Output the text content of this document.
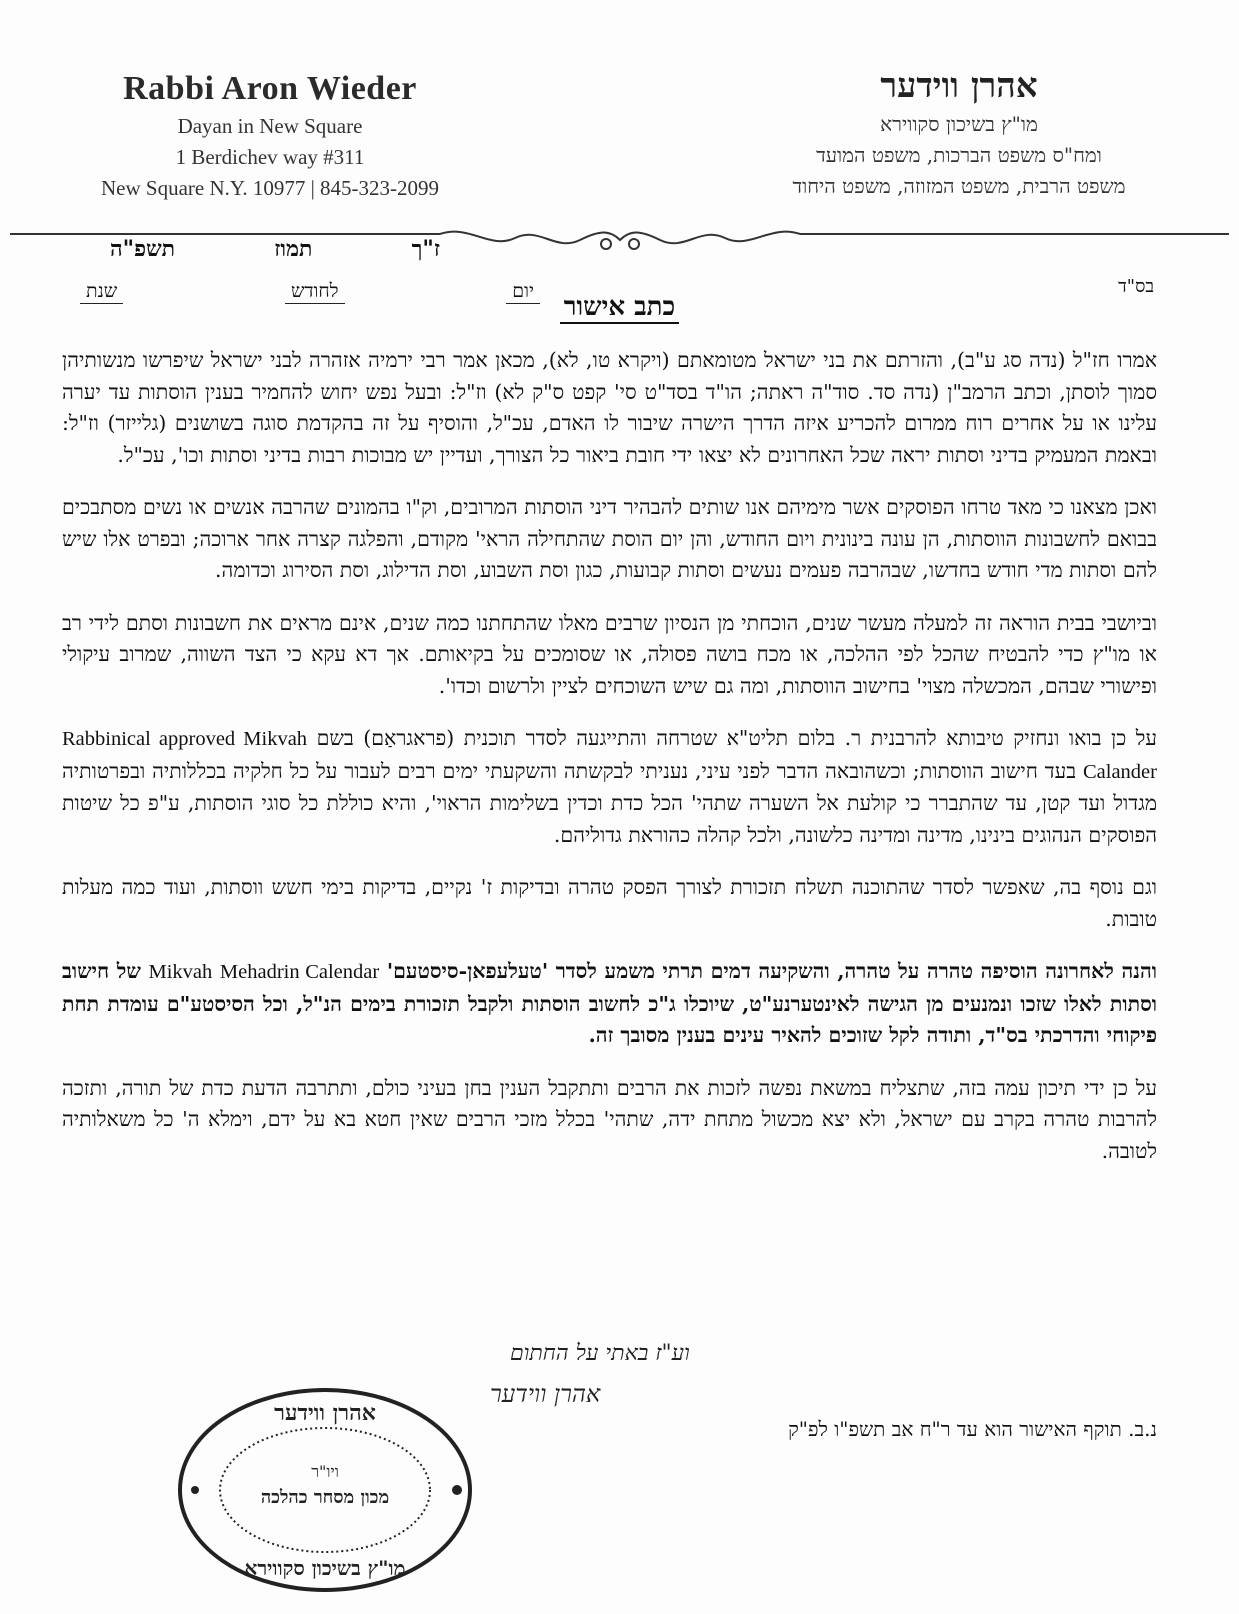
Rabbi Aron Wieder
Dayan in New Square
1 Berdichev way #311
New Square N.Y. 10977 | 845-323-2099
אהרן ווידער
מו"ץ בשיכון סקווירא
ומח"ס משפט הברכות, משפט המועד
משפט הרבית, משפט המזוזה, משפט היחוד
ז"ך
תמוז
תשפ"ה
יום
לחודש
שנת	בס"ד
כתב אישור

אמרו חז"ל (נדה סג ע"ב), והזרתם את בני ישראל מטומאתם (ויקרא טו, לא), מכאן אמר רבי ירמיה אזהרה לבני ישראל שיפרשו מנשותיהן סמוך לוסתן, וכתב הרמב"ן (נדה סד. סוד"ה ראתה; הו"ד בסד"ט סי' קפט ס"ק לא) וז"ל: ובעל נפש יחוש להחמיר בענין הוסתות עד יערה עלינו או על אחרים רוח ממרום להכריע איזה הדרך הישרה שיבור לו האדם, עכ"ל, והוסיף על זה בהקדמת סוגה בשושנים (גלייזר) וז"ל: ובאמת המעמיק בדיני וסתות יראה שכל האחרונים לא יצאו ידי חובת ביאור כל הצורך, ועדיין יש מבוכות רבות בדיני וסתות וכו', עכ"ל.

ואכן מצאנו כי מאד טרחו הפוסקים אשר מימיהם אנו שותים להבהיר דיני הוסתות המרובים, וק"ו בהמונים שהרבה אנשים או נשים מסתבכים בבואם לחשבונות הווסתות, הן עונה בינונית ויום החודש, והן יום הוסת שהתחילה הראי' מקודם, והפלגה קצרה אחר ארוכה; ובפרט אלו שיש להם וסתות מדי חודש בחדשו, שבהרבה פעמים נעשים וסתות קבועות, כגון וסת השבוע, וסת הדילוג, וסת הסירוג וכדומה.

וביושבי בבית הוראה זה למעלה מעשר שנים, הוכחתי מן הנסיון שרבים מאלו שהתחתנו כמה שנים, אינם מראים את חשבונות וסתם לידי רב או מו"ץ כדי להבטיח שהכל לפי ההלכה, או מכח בושה פסולה, או שסומכים על בקיאותם. אך דא עקא כי הצד השווה, שמרוב עיקולי ופישורי שבהם, המכשלה מצוי' בחישוב הווסתות, ומה גם שיש השוכחים לציין ולרשום וכדו'.

על כן בואו ונחזיק טיבותא להרבנית ר. בלום תליט"א שטרחה והתייגעה לסדר תוכנית (פראגראַם) בשם Rabbinical approved Mikvah Calander בעד חישוב הווסתות; וכשהובאה הדבר לפני עיני, נעניתי לבקשתה והשקעתי ימים רבים לעבור על כל חלקיה בכללותיה ובפרטותיה מגדול ועד קטן, עד שהתברר כי קולעת אל השערה שתהי' הכל כדת וכדין בשלימות הראוי', והיא כוללת כל סוגי הוסתות, ע"פ כל שיטות הפוסקים הנהוגים בינינו, מדינה ומדינה כלשונה, ולכל קהלה כהוראת גדוליהם.

וגם נוסף בה, שאפשר לסדר שהתוכנה תשלח תזכורת לצורך הפסק טהרה ובדיקות ז' נקיים, בדיקות בימי חשש ווסתות, ועוד כמה מעלות טובות.

והנה לאחרונה הוסיפה טהרה על טהרה, והשקיעה דמים תרתי משמע לסדר 'טעלעפאן-סיסטעם' Mikvah Mehadrin Calendar של חישוב וסתות לאלו שזכו ונמנעים מן הגישה לאינטערנע"ט, שיוכלו ג"כ לחשוב הוסתות ולקבל תזכורת בימים הנ"ל, וכל הסיסטע"ם עומדת תחת פיקוחי והדרכתי בס"ד, ותודה לקל שזוכים להאיר עינים בענין מסובך זה.

על כן ידי תיכון עמה בזה, שתצליח במשאת נפשה לזכות את הרבים ותתקבל הענין בחן בעיני כולם, ותתרבה הדעת כדת של תורה, ותזכה להרבות טהרה בקרב עם ישראל, ולא יצא מכשול מתחת ידה, שתהי' בכלל מזכי הרבים שאין חטא בא על ידם, וימלא ה' כל משאלותיה לטובה.

וע"ז באתי על החתום
אהרן ווידער
אהרן ווידער
ויו"ר
מכון מסחר כהלכה
מו"ץ בשיכון סקווירא
נ.ב. תוקף האישור הוא עד ר"ח אב תשפ"ו לפ"ק
